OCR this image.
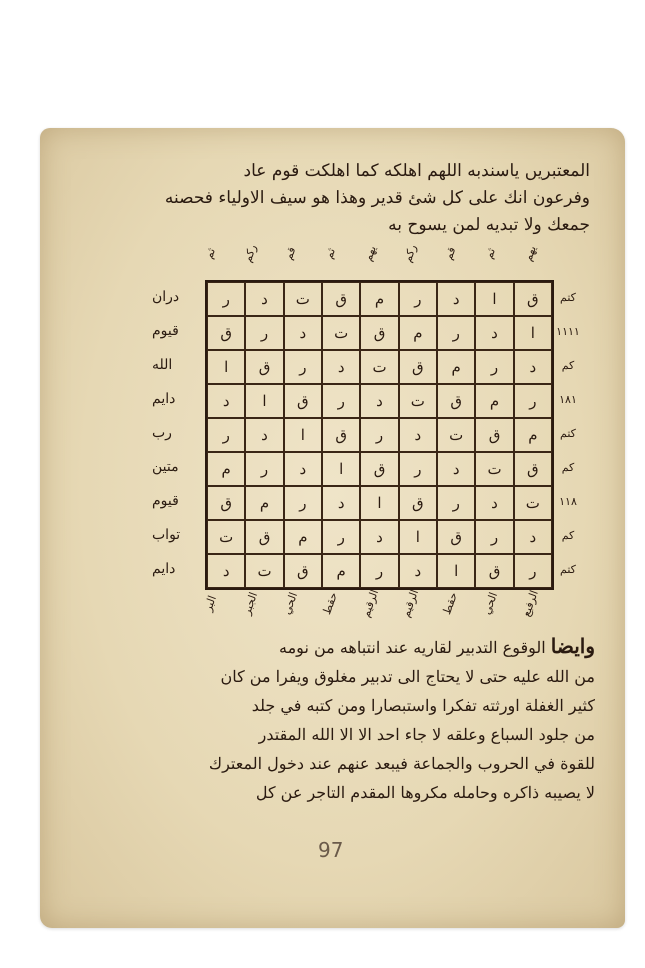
المعتبريں ياسندبه اللهم اهلكه كما اهلكت قوم عاد
وفرعون انك على كل شئ قدير وهذا هو سيف الاولياء فحصنه
جمعك ولا تبديه لمن يسوح به
يهم
ثم
قم
ركم
يهم
ثم
قم
ركم
ثم
ق
ا
د
ر
م
ق
ت
د
ر
ا
د
ر
م
ق
ت
د
ر
ق
د
ر
م
ق
ت
د
ر
ق
ا
ر
م
ق
ت
د
ر
ق
ا
د
م
ق
ت
د
ر
ق
ا
د
ر
ق
ت
د
ر
ق
ا
د
ر
م
ت
د
ر
ق
ا
د
ر
م
ق
د
ر
ق
ا
د
ر
م
ق
ت
ر
ق
ا
د
ر
م
ق
ت
د
كتم
١١١١
كم
١٨١
كتم
كم
١١٨
كم
كتم
دران
قيوم
الله
دايم
رب
متين
قيوم
تواب
دايم
الرفيع
الحي
حقط
الرقيم
الرقيم
حقط
الحي
الجبر
البر
وايضا الوقوع التدبير لقاريه عند انتباهه من نومه
من الله عليه حتى لا يحتاج الى تدبير مغلوق ويفرا من كان
كثير الغفلة اورثته تفكرا واستبصارا ومن كتبه في جلد
من جلود السباع وعلقه لا جاء احد الا الا الله المقتدر
للقوة في الحروب والجماعة فيبعد عنهم عند دخول المعترك
لا يصيبه ذاكره وحامله مكروها المقدم التاجر عن كل
97
